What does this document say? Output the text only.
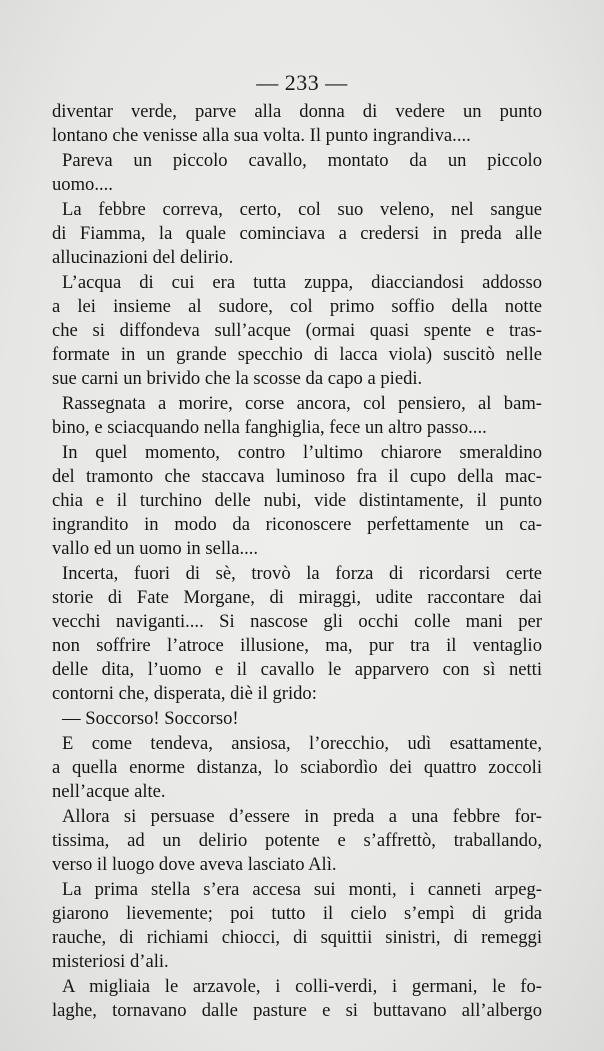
— 233 —
diventar verde, parve alla donna di vedere un punto
lontano che venisse alla sua volta. Il punto ingrandiva....
Pareva un piccolo cavallo, montato da un piccolo
uomo....
La febbre correva, certo, col suo veleno, nel sangue
di Fiamma, la quale cominciava a credersi in preda alle
allucinazioni del delirio.
L’acqua di cui era tutta zuppa, diacciandosi addosso
a lei insieme al sudore, col primo soffio della notte
che si diffondeva sull’acque (ormai quasi spente e tras-
formate in un grande specchio di lacca viola) suscitò nelle
sue carni un brivido che la scosse da capo a piedi.
Rassegnata a morire, corse ancora, col pensiero, al bam-
bino, e sciacquando nella fanghiglia, fece un altro passo....
In quel momento, contro l’ultimo chiarore smeraldino
del tramonto che staccava luminoso fra il cupo della mac-
chia e il turchino delle nubi, vide distintamente, il punto
ingrandito in modo da riconoscere perfettamente un ca-
vallo ed un uomo in sella....
Incerta, fuori di sè, trovò la forza di ricordarsi certe
storie di Fate Morgane, di miraggi, udite raccontare dai
vecchi naviganti.... Si nascose gli occhi colle mani per
non soffrire l’atroce illusione, ma, pur tra il ventaglio
delle dita, l’uomo e il cavallo le apparvero con sì netti
contorni che, disperata, diè il grido:
— Soccorso! Soccorso!
E come tendeva, ansiosa, l’orecchio, udì esattamente,
a quella enorme distanza, lo sciabordìo dei quattro zoccoli
nell’acque alte.
Allora si persuase d’essere in preda a una febbre for-
tissima, ad un delirio potente e s’affrettò, traballando,
verso il luogo dove aveva lasciato Alì.
La prima stella s’era accesa sui monti, i canneti arpeg-
giarono lievemente; poi tutto il cielo s’empì di grida
rauche, di richiami chiocci, di squittii sinistri, di remeggi
misteriosi d’ali.
A migliaia le arzavole, i colli-verdi, i germani, le fo-
laghe, tornavano dalle pasture e si buttavano all’albergo
